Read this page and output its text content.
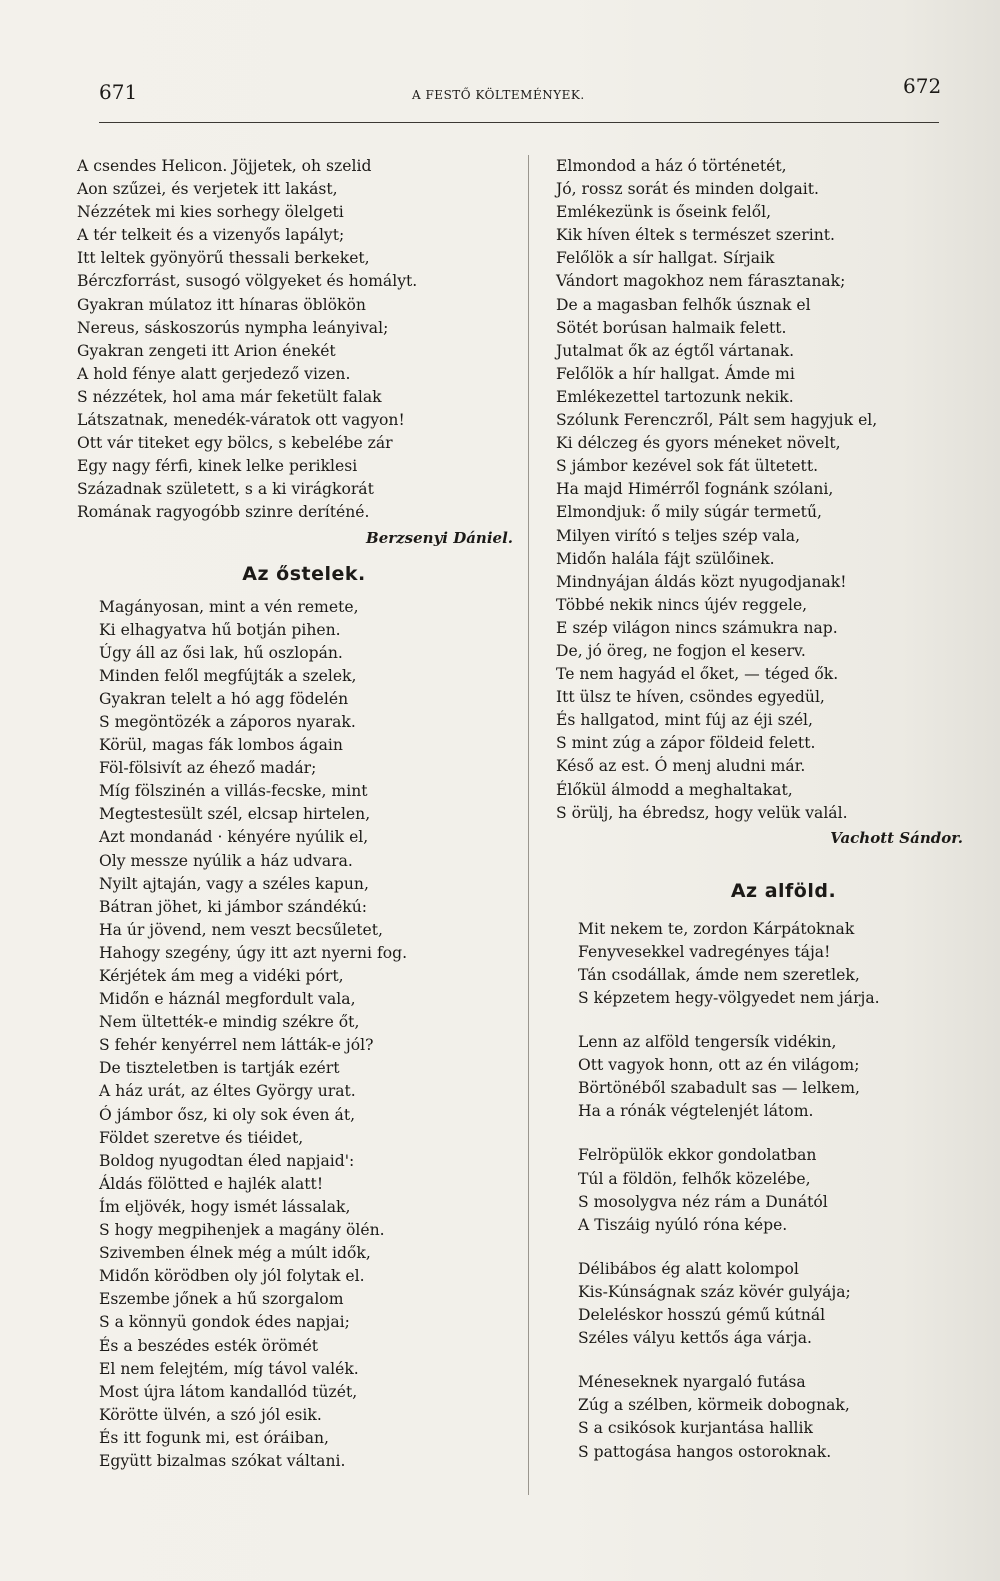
671	A FESTŐ KÖLTEMÉNYEK.	672
A csendes Helicon. Jöjjetek, oh szelid
Aon szűzei, és verjetek itt lakást,
Nézzétek mi kies sorhegy ölelgeti
A tér telkeit és a vizenyős lapályt;
Itt leltek gyönyörű thessali berkeket,
Bérczforrást, susogó völgyeket és homályt.
Gyakran múlatoz itt hínaras öblökön
Nereus, sáskoszorús nympha leányival;
Gyakran zengeti itt Arion énekét
A hold fénye alatt gerjedező vizen.
S nézzétek, hol ama már feketült falak
Látszatnak, menedék-váratok ott vagyon!
Ott vár titeket egy bölcs, s kebelébe zár
Egy nagy férfi, kinek lelke periklesi
Századnak született, s a ki virágkorát
Romának ragyogóbb szinre deríténé.
Berzsenyi Dániel.
Az őstelek.
Magányosan, mint a vén remete,
Ki elhagyatva hű botján pihen.
Úgy áll az ősi lak, hű oszlopán.
Minden felől megfújták a szelek,
Gyakran telelt a hó agg födelén
S megöntözék a záporos nyarak.
Körül, magas fák lombos ágain
Föl-fölsivít az éhező madár;
Míg fölszinén a villás-fecske, mint
Megtestesült szél, elcsap hirtelen,
Azt mondanád · kényére nyúlik el,
Oly messze nyúlik a ház udvara.
Nyilt ajtaján, vagy a széles kapun,
Bátran jöhet, ki jámbor szándékú:
Ha úr jövend, nem veszt becsűletet,
Hahogy szegény, úgy itt azt nyerni fog.
Kérjétek ám meg a vidéki pórt,
Midőn e háznál megfordult vala,
Nem ültették-e mindig székre őt,
S fehér kenyérrel nem látták-e jól?
De tiszteletben is tartják ezért
A ház urát, az éltes György urat.
Ó jámbor ősz, ki oly sok éven át,
Földet szeretve és tiéidet,
Boldog nyugodtan éled napjaid':
Áldás fölötted e hajlék alatt!
Ím eljövék, hogy ismét lássalak,
S hogy megpihenjek a magány ölén.
Szivemben élnek még a múlt idők,
Midőn körödben oly jól folytak el.
Eszembe jőnek a hű szorgalom
S a könnyü gondok édes napjai;
És a beszédes esték örömét
El nem felejtém, míg távol valék.
Most újra látom kandallód tüzét,
Körötte ülvén, a szó jól esik.
És itt fogunk mi, est óráiban,
Együtt bizalmas szókat váltani.
Elmondod a ház ó történetét,
Jó, rossz sorát és minden dolgait.
Emlékezünk is őseink felől,
Kik híven éltek s természet szerint.
Felőlök a sír hallgat. Sírjaik
Vándort magokhoz nem fárasztanak;
De a magasban felhők úsznak el
Sötét borúsan halmaik felett.
Jutalmat ők az égtől vártanak.
Felőlök a hír hallgat. Ámde mi
Emlékezettel tartozunk nekik.
Szólunk Ferenczről, Pált sem hagyjuk el,
Ki délczeg és gyors méneket növelt,
S jámbor kezével sok fát ültetett.
Ha majd Himérről fognánk szólani,
Elmondjuk: ő mily súgár termetű,
Milyen virító s teljes szép vala,
Midőn halála fájt szülőinek.
Mindnyájan áldás közt nyugodjanak!
Többé nekik nincs újév reggele,
E szép világon nincs számukra nap.
De, jó öreg, ne fogjon el keserv.
Te nem hagyád el őket, — téged ők.
Itt ülsz te híven, csöndes egyedül,
És hallgatod, mint fúj az éji szél,
S mint zúg a zápor földeid felett.
Késő az est. Ó menj aludni már.
Élőkül álmodd a meghaltakat,
S örülj, ha ébredsz, hogy velük valál.
Vachott Sándor.
Az alföld.
Mit nekem te, zordon Kárpátoknak
Fenyvesekkel vadregényes tája!
Tán csodállak, ámde nem szeretlek,
S képzetem hegy-völgyedet nem járja.
Lenn az alföld tengersík vidékin,
Ott vagyok honn, ott az én világom;
Börtönéből szabadult sas — lelkem,
Ha a rónák végtelenjét látom.
Felröpülök ekkor gondolatban
Túl a földön, felhők közelébe,
S mosolygva néz rám a Dunától
A Tiszáig nyúló róna képe.
Délibábos ég alatt kolompol
Kis-Kúnságnak száz kövér gulyája;
Deleléskor hosszú gémű kútnál
Széles vályu kettős ága várja.
Méneseknek nyargaló futása
Zúg a szélben, körmeik dobognak,
S a csikósok kurjantása hallik
S pattogása hangos ostoroknak.
